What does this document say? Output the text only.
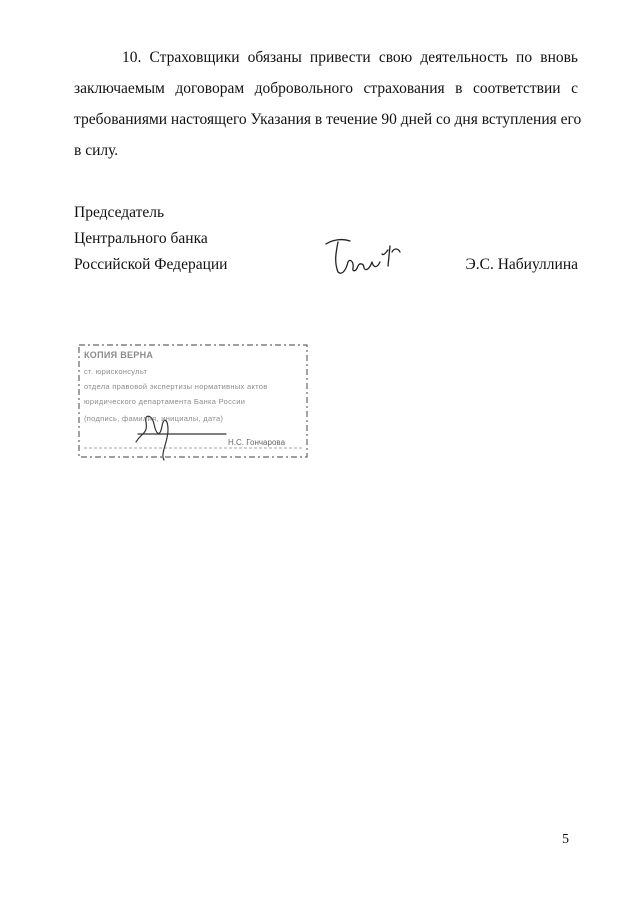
10. Страховщики обязаны привести свою деятельность по вновь
заключаемым договорам добровольного страхования в соответствии с
требованиями настоящего Указания в течение 90 дней со дня вступления его
в силу.
Председатель
Центрального банка
Российской Федерации	Э.С. Набиуллина
КОПИЯ ВЕРНА
ст. юрисконсульт
отдела правовой экспертизы нормативных актов
юридического департамента Банка России
(подпись, фамилия, инициалы, дата)
Н.С. Гончарова
5
